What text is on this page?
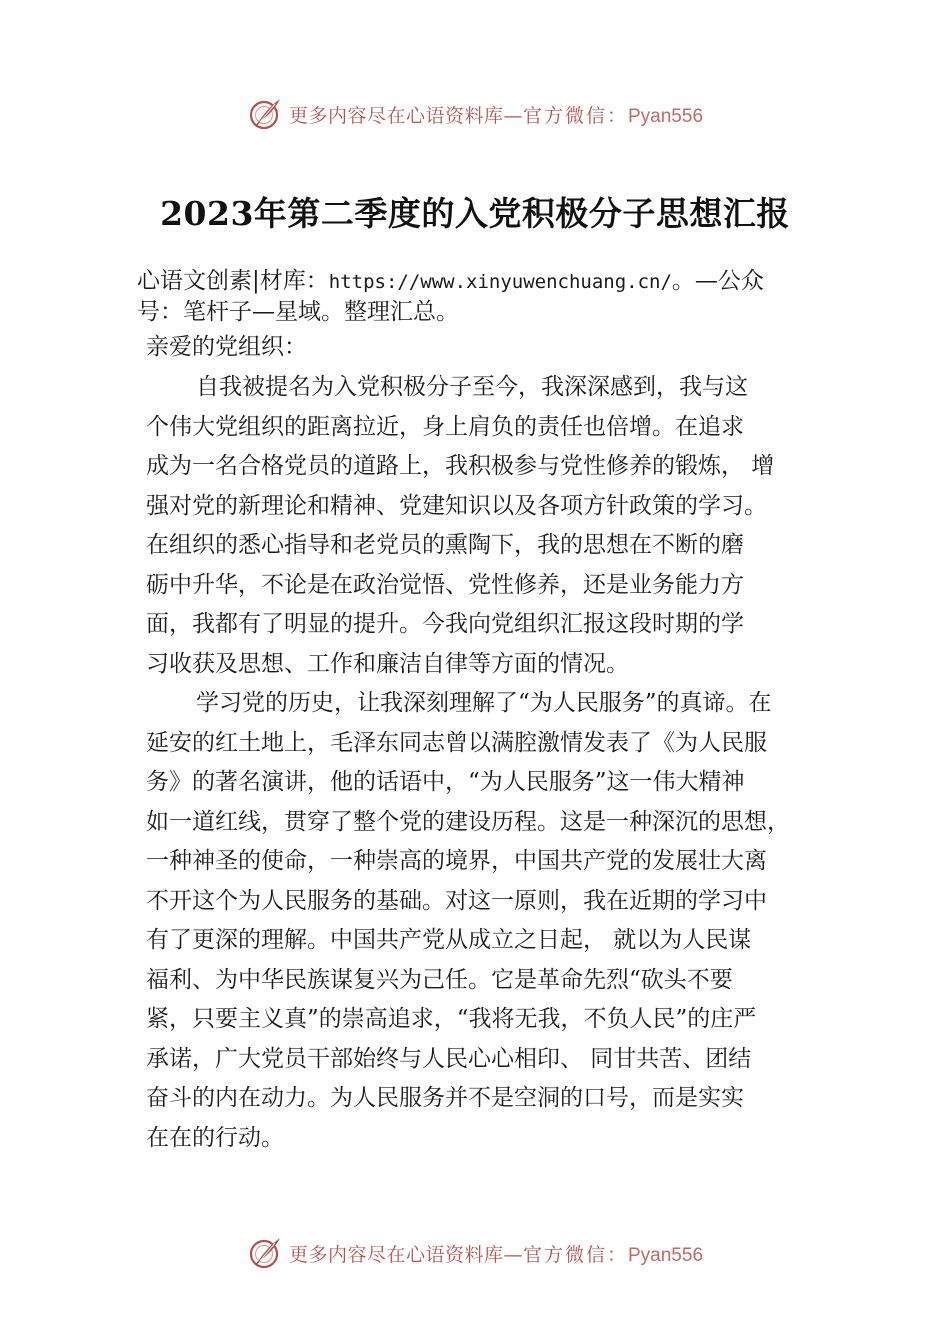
更多内容尽在心语资料库—官方微信：Pyan556
2023年第二季度的入党积极分子思想汇报
心语文创素|材库：https://www.xinyuwenchuang.cn/。—公众
号：笔杆子—星域。整理汇总。
亲爱的党组织：
自我被提名为入党积极分子至今，我深深感到，我与这
个伟大党组织的距离拉近，身上肩负的责任也倍增。在追求
成为一名合格党员的道路上，我积极参与党性修养的锻炼， 增
强对党的新理论和精神、党建知识以及各项方针政策的学习。
在组织的悉心指导和老党员的熏陶下，我的思想在不断的磨
砺中升华，不论是在政治觉悟、党性修养，还是业务能力方
面，我都有了明显的提升。今我向党组织汇报这段时期的学
习收获及思想、工作和廉洁自律等方面的情况。
学习党的历史，让我深刻理解了“为人民服务”的真谛。在
延安的红土地上，毛泽东同志曾以满腔激情发表了《为人民服
务》的著名演讲，他的话语中，“为人民服务”这一伟大精神
如一道红线，贯穿了整个党的建设历程。这是一种深沉的思想，
一种神圣的使命，一种崇高的境界，中国共产党的发展壮大离
不开这个为人民服务的基础。对这一原则，我在近期的学习中
有了更深的理解。中国共产党从成立之日起， 就以为人民谋
福利、为中华民族谋复兴为己任。它是革命先烈“砍头不要
紧，只要主义真”的崇高追求，“我将无我，不负人民”的庄严
承诺，广大党员干部始终与人民心心相印、 同甘共苦、团结
奋斗的内在动力。为人民服务并不是空洞的口号，而是实实
在在的行动。
更多内容尽在心语资料库—官方微信：Pyan556
